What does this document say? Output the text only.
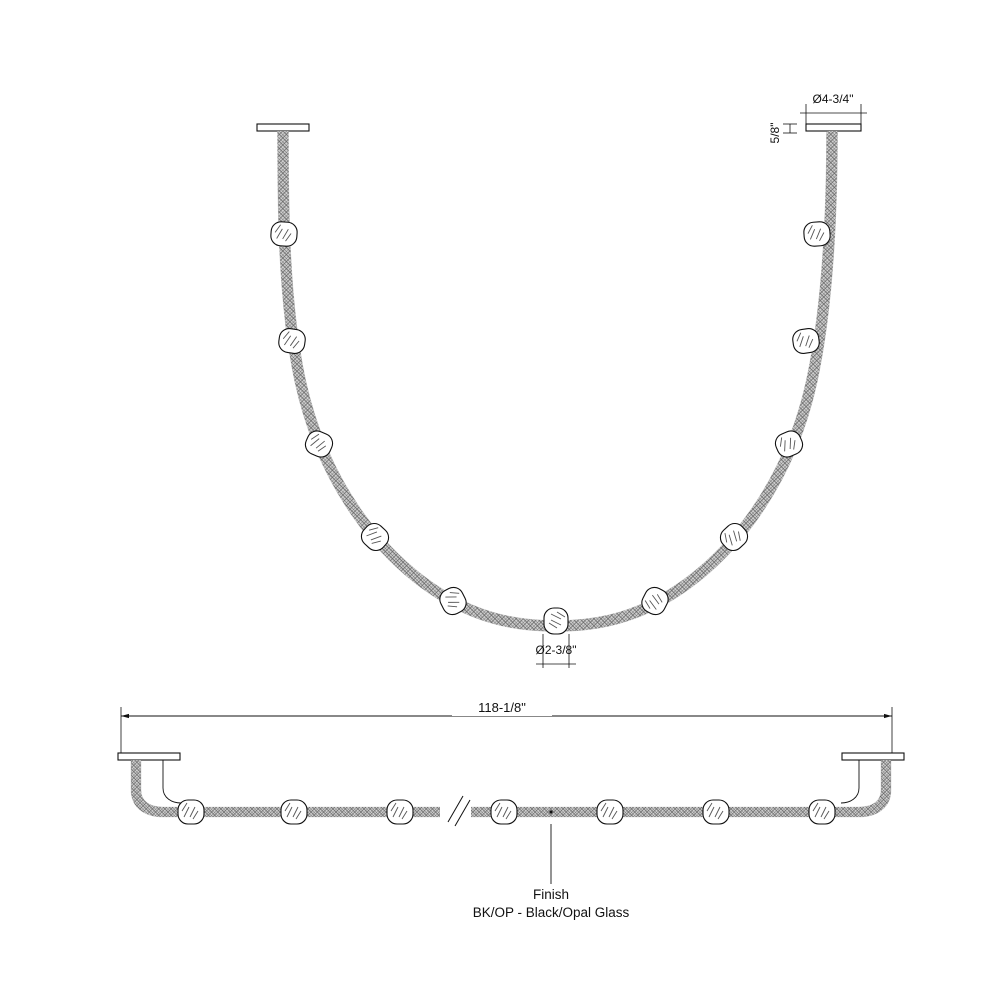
Ø4-3/4"
5/8"
Ø2-3/8"
118-1/8"
Finish
BK/OP - Black/Opal Glass
